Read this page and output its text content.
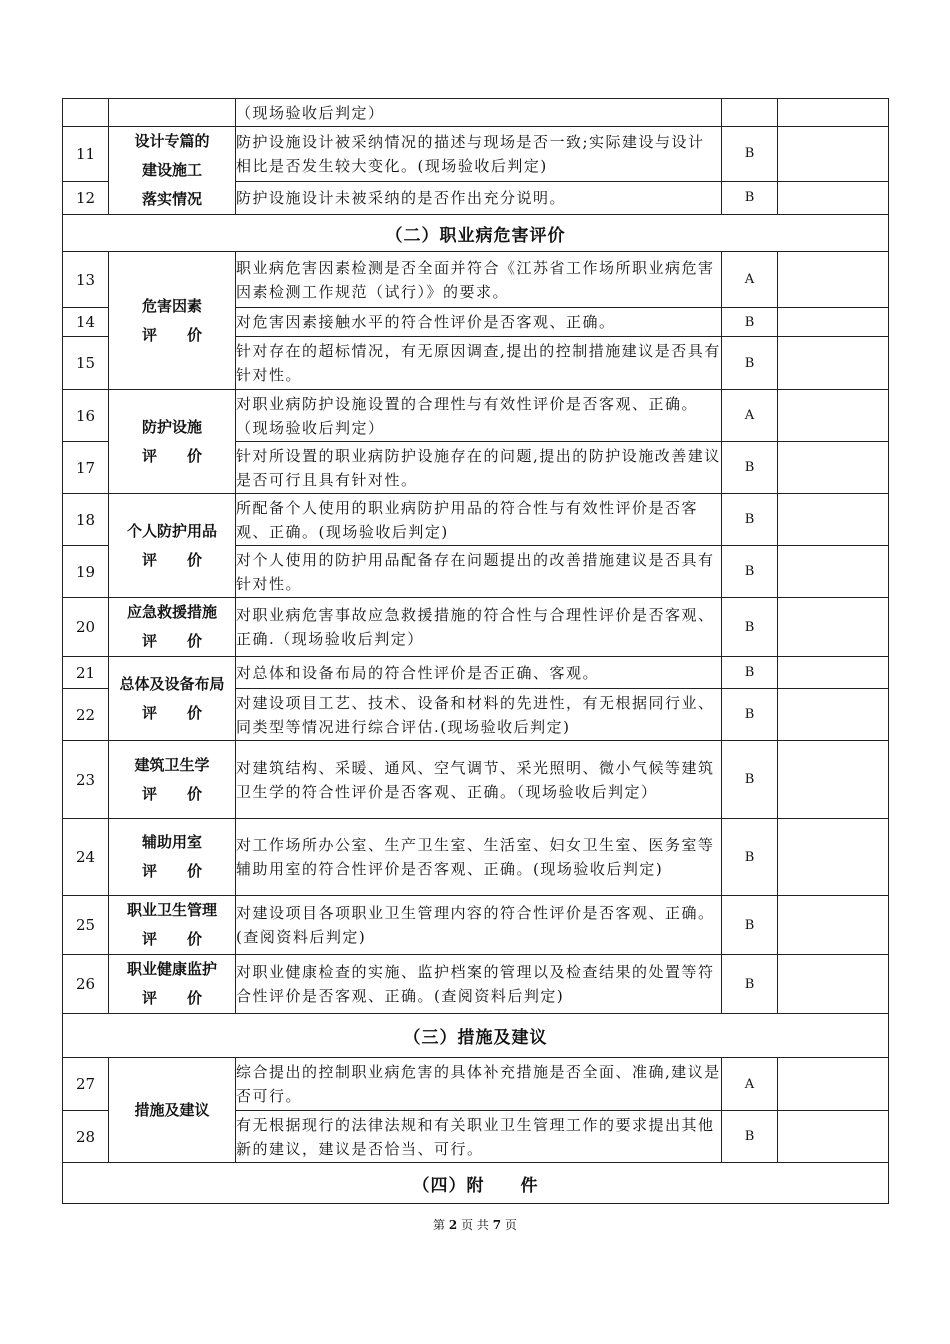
		（现场验收后判定）		
11	设计专篇的
建设施工
落实情况	防护设施设计被采纳情况的描述与现场是否一致;实际建设与设计相比是否发生较大变化。(现场验收后判定)	B	
12		防护设施设计未被采纳的是否作出充分说明。	B	
（二）职业病危害评价				
13	危害因素
评　　价	职业病危害因素检测是否全面并符合《江苏省工作场所职业病危害因素检测工作规范（试行）》的要求。	A	
14		对危害因素接触水平的符合性评价是否客观、正确。	B	
15		针对存在的超标情况，有无原因调查,提出的控制措施建议是否具有针对性。	B	
16	防护设施
评　　价	对职业病防护设施设置的合理性与有效性评价是否客观、正确。（现场验收后判定）	A	
17		针对所设置的职业病防护设施存在的问题,提出的防护设施改善建议是否可行且具有针对性。	B	
18	个人防护用品
评　　价	所配备个人使用的职业病防护用品的符合性与有效性评价是否客观、正确。(现场验收后判定)	B	
19		对个人使用的防护用品配备存在问题提出的改善措施建议是否具有针对性。	B	
20	应急救援措施
评　　价	对职业病危害事故应急救援措施的符合性与合理性评价是否客观、正确.（现场验收后判定）	B	
21	总体及设备布局
评　　价	对总体和设备布局的符合性评价是否正确、客观。	B	
22		对建设项目工艺、技术、设备和材料的先进性，有无根据同行业、同类型等情况进行综合评估.(现场验收后判定)	B	
23	建筑卫生学
评　　价	对建筑结构、采暖、通风、空气调节、采光照明、微小气候等建筑卫生学的符合性评价是否客观、正确。（现场验收后判定）	B	
24	辅助用室
评　　价	对工作场所办公室、生产卫生室、生活室、妇女卫生室、医务室等辅助用室的符合性评价是否客观、正确。(现场验收后判定)	B	
25	职业卫生管理
评　　价	对建设项目各项职业卫生管理内容的符合性评价是否客观、正确。(查阅资料后判定)	B	
26	职业健康监护
评　　价	对职业健康检查的实施、监护档案的管理以及检查结果的处置等符合性评价是否客观、正确。(查阅资料后判定)	B	
（三）措施及建议				
27	措施及建议	综合提出的控制职业病危害的具体补充措施是否全面、准确,建议是否可行。	A	
28		有无根据现行的法律法规和有关职业卫生管理工作的要求提出其他新的建议，建议是否恰当、可行。	B	
（四）附　　件				
第 2 页 共 7 页
